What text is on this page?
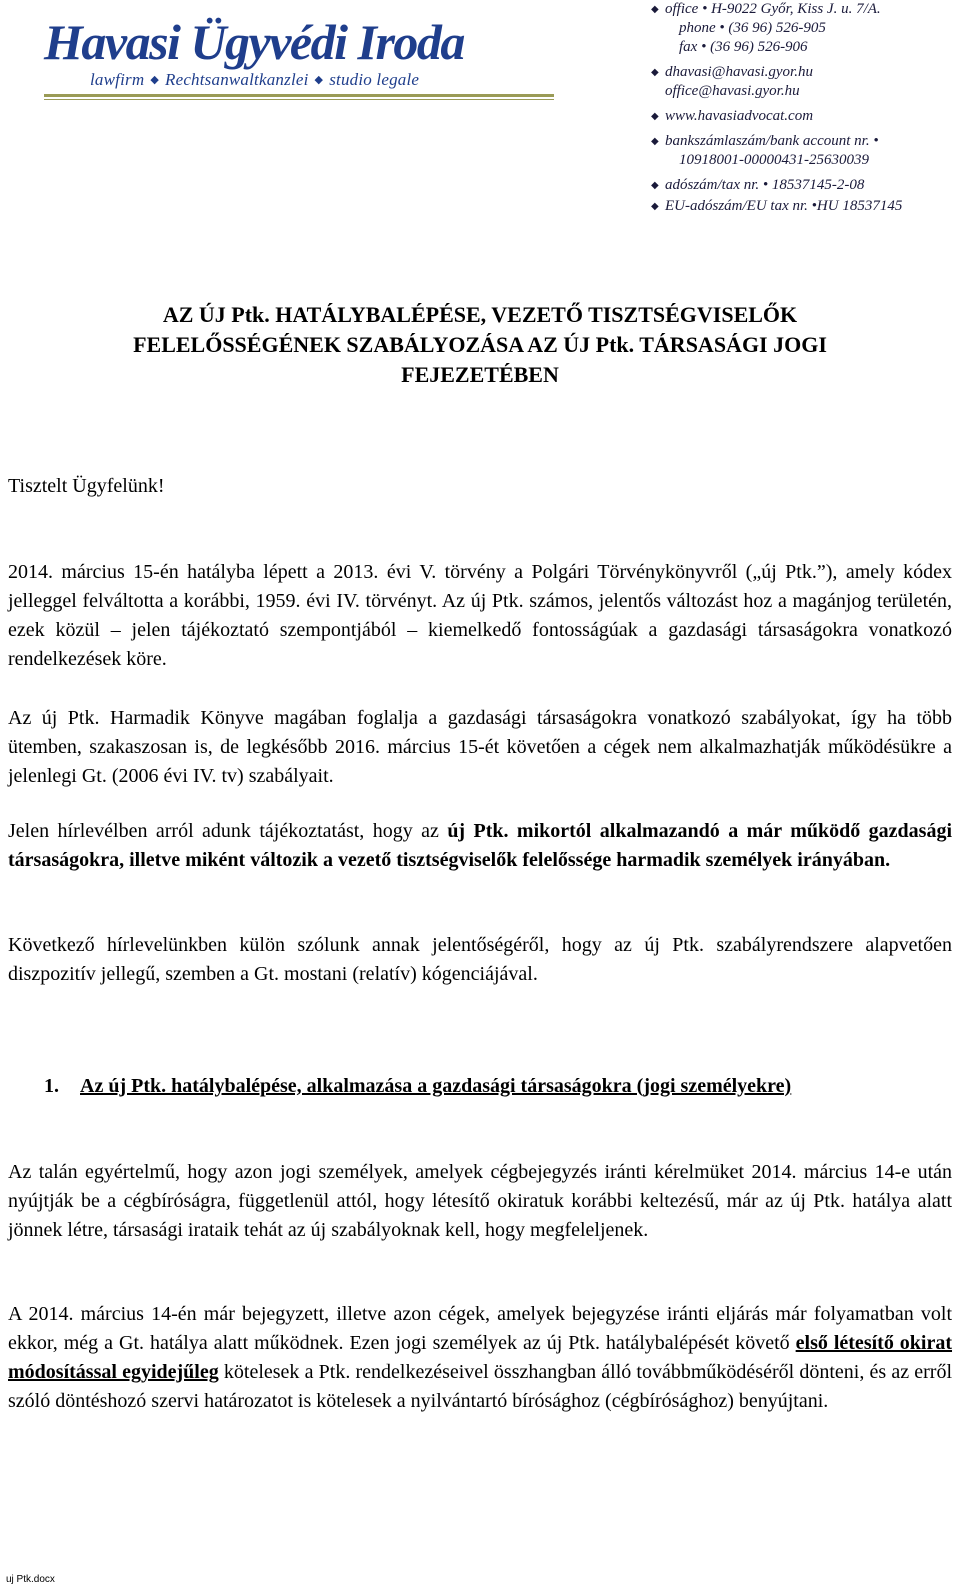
Havasi Ügyvédi Iroda
lawfirm ◆ Rechtsanwaltkanzlei ◆ studio legale
◆ office • H-9022 Győr, Kiss J. u. 7/A.
phone • (36 96) 526-905
fax • (36 96) 526-906
◆ dhavasi@havasi.gyor.hu
office@havasi.gyor.hu
◆ www.havasiadvocat.com
◆ bankszámlaszám/bank account nr. •
10918001-00000431-25630039
◆ adószám/tax nr. • 18537145-2-08
◆ EU-adószám/EU tax nr. •HU 18537145
AZ ÚJ Ptk. HATÁLYBALÉPÉSE, VEZETŐ TISZTSÉGVISELŐK
FELELŐSSÉGÉNEK SZABÁLYOZÁSA AZ ÚJ Ptk. TÁRSASÁGI JOGI
FEJEZETÉBEN
Tisztelt Ügyfelünk!
2014. március 15-én hatályba lépett a 2013. évi V. törvény a Polgári Törvénykönyvről („új Ptk.”), amely kódex jelleggel felváltotta a korábbi, 1959. évi IV. törvényt. Az új Ptk. számos, jelentős változást hoz a magánjog területén, ezek közül – jelen tájékoztató szempontjából – kiemelkedő fontosságúak a gazdasági társaságokra vonatkozó rendelkezések köre.
Az új Ptk. Harmadik Könyve magában foglalja a gazdasági társaságokra vonatkozó szabályokat, így ha több ütemben, szakaszosan is, de legkésőbb 2016. március 15-ét követően a cégek nem alkalmazhatják működésükre a jelenlegi Gt. (2006 évi IV. tv) szabályait.
Jelen hírlevélben arról adunk tájékoztatást, hogy az új Ptk. mikortól alkalmazandó a már működő gazdasági társaságokra, illetve miként változik a vezető tisztségviselők felelőssége harmadik személyek irányában.
Következő hírlevelünkben külön szólunk annak jelentőségéről, hogy az új Ptk. szabályrendszere alapvetően diszpozitív jellegű, szemben a Gt. mostani (relatív) kógenciájával.
1. Az új Ptk. hatálybalépése, alkalmazása a gazdasági társaságokra (jogi személyekre)
Az talán egyértelmű, hogy azon jogi személyek, amelyek cégbejegyzés iránti kérelmüket 2014. március 14-e után nyújtják be a cégbíróságra, függetlenül attól, hogy létesítő okiratuk korábbi keltezésű, már az új Ptk. hatálya alatt jönnek létre, társasági irataik tehát az új szabályoknak kell, hogy megfeleljenek.
A 2014. március 14-én már bejegyzett, illetve azon cégek, amelyek bejegyzése iránti eljárás már folyamatban volt ekkor, még a Gt. hatálya alatt működnek. Ezen jogi személyek az új Ptk. hatálybalépését követő első létesítő okirat módosítással egyidejűleg kötelesek a Ptk. rendelkezéseivel összhangban álló továbbműködéséről dönteni, és az erről szóló döntéshozó szervi határozatot is kötelesek a nyilvántartó bírósághoz (cégbírósághoz) benyújtani.
uj Ptk.docx
